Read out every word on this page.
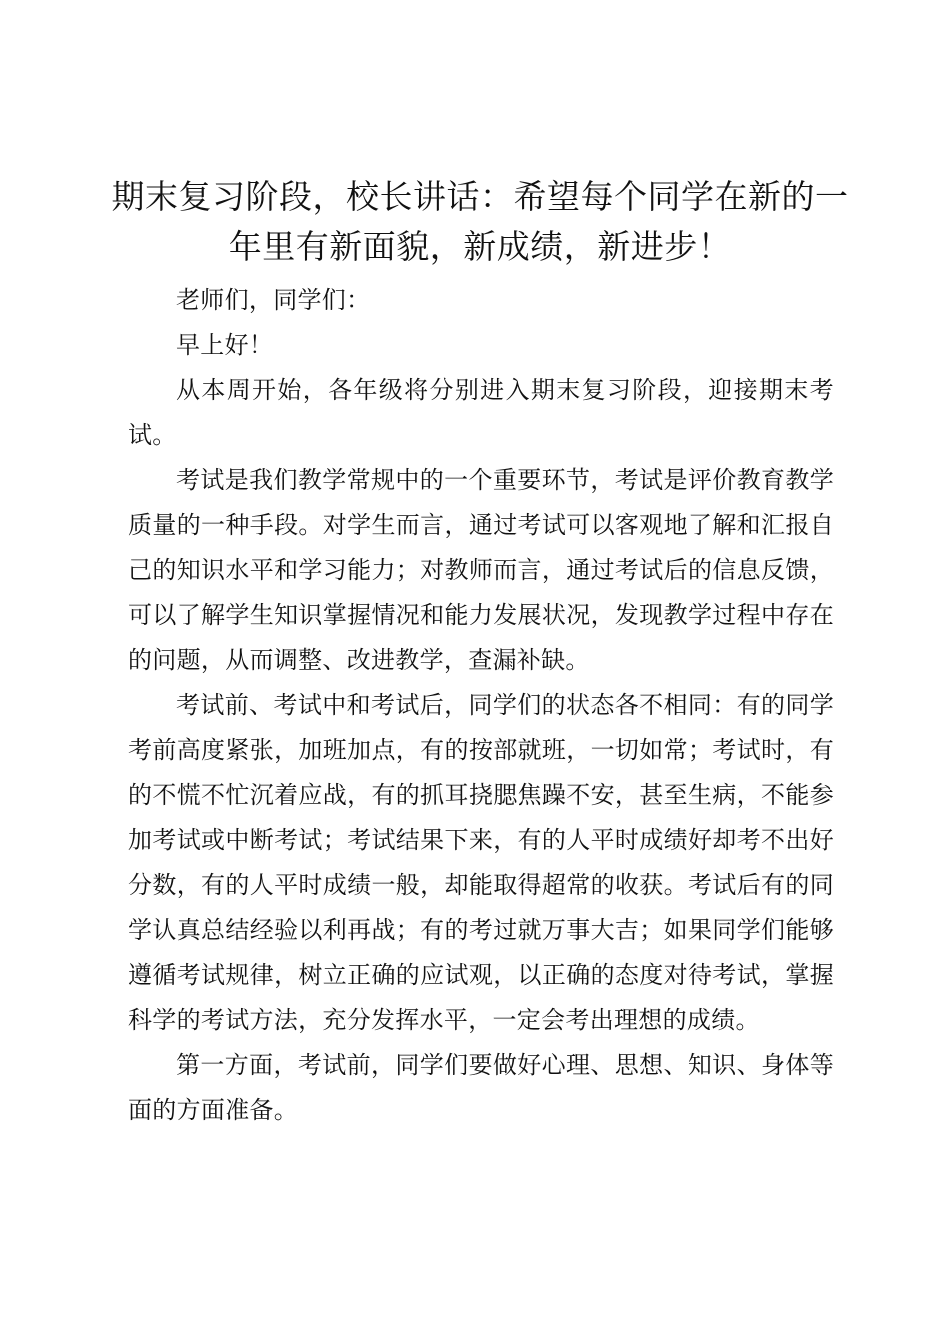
期末复习阶段，校长讲话：希望每个同学在新的一年里有新面貌，新成绩，新进步！

老师们，同学们：

早上好！

从本周开始，各年级将分别进入期末复习阶段，迎接期末考试。

考试是我们教学常规中的一个重要环节，考试是评价教育教学质量的一种手段。对学生而言，通过考试可以客观地了解和汇报自己的知识水平和学习能力；对教师而言，通过考试后的信息反馈，可以了解学生知识掌握情况和能力发展状况，发现教学过程中存在的问题，从而调整、改进教学，查漏补缺。

考试前、考试中和考试后，同学们的状态各不相同：有的同学考前高度紧张，加班加点，有的按部就班，一切如常；考试时，有的不慌不忙沉着应战，有的抓耳挠腮焦躁不安，甚至生病，不能参加考试或中断考试；考试结果下来，有的人平时成绩好却考不出好分数，有的人平时成绩一般，却能取得超常的收获。考试后有的同学认真总结经验以利再战；有的考过就万事大吉；如果同学们能够遵循考试规律，树立正确的应试观，以正确的态度对待考试，掌握科学的考试方法，充分发挥水平，一定会考出理想的成绩。

第一方面，考试前，同学们要做好心理、思想、知识、身体等面的方面准备。
